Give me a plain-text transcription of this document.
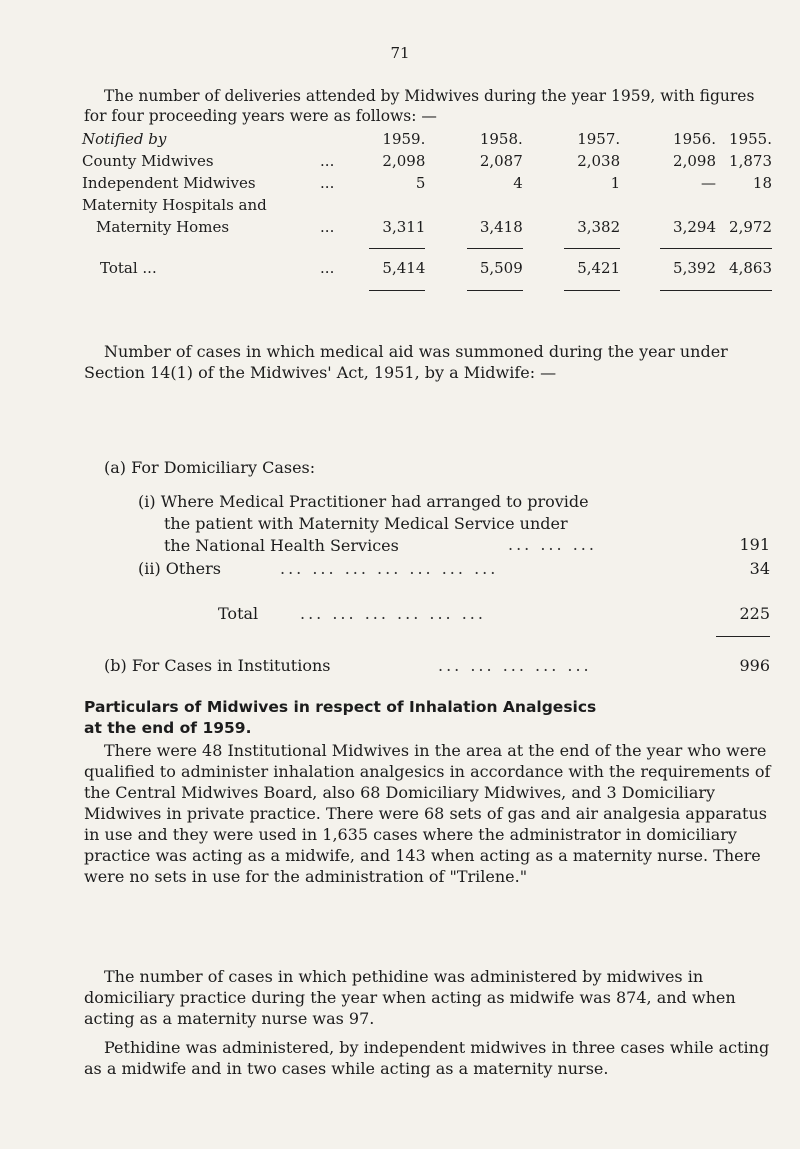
71

The number of deliveries attended by Midwives during the year 1959, with figures for four proceeding years were as follows: —

Notified by		1959.	1958.	1957.	1956.	1955.
County Midwives	...	2,098	2,087	2,038	2,098	1,873
Independent Midwives	...	5	4	1	—	18
Maternity Hospitals and						
Maternity Homes	...	3,311	3,418	3,382	3,294	2,972

Total ...	...	5,414	5,509	5,421	5,392	4,863

Number of cases in which medical aid was summoned during the year under Section 14(1) of the Midwives' Act, 1951, by a Midwife: —

(a) For Domiciliary Cases:
(i) Where Medical Practitioner had arranged to provide
the patient with Maternity Medical Service under
the National Health Services	... ... ...	191
(ii) Others	... ... ... ... ... ... ...	34
Total	... ... ... ... ... ...	225
(b) For Cases in Institutions	... ... ... ... ...	996
Particulars of Midwives in respect of Inhalation Analgesics
at the end of 1959.

There were 48 Institutional Midwives in the area at the end of the year who were qualified to administer inhalation analgesics in accordance with the requirements of the Central Midwives Board, also 68 Domiciliary Midwives, and 3 Domiciliary Midwives in private practice. There were 68 sets of gas and air analgesia apparatus in use and they were used in 1,635 cases where the administrator in domiciliary practice was acting as a midwife, and 143 when acting as a maternity nurse. There were no sets in use for the administration of "Trilene."

The number of cases in which pethidine was administered by midwives in domiciliary practice during the year when acting as midwife was 874, and when acting as a maternity nurse was 97.

Pethidine was administered, by independent midwives in three cases while acting as a midwife and in two cases while acting as a maternity nurse.
